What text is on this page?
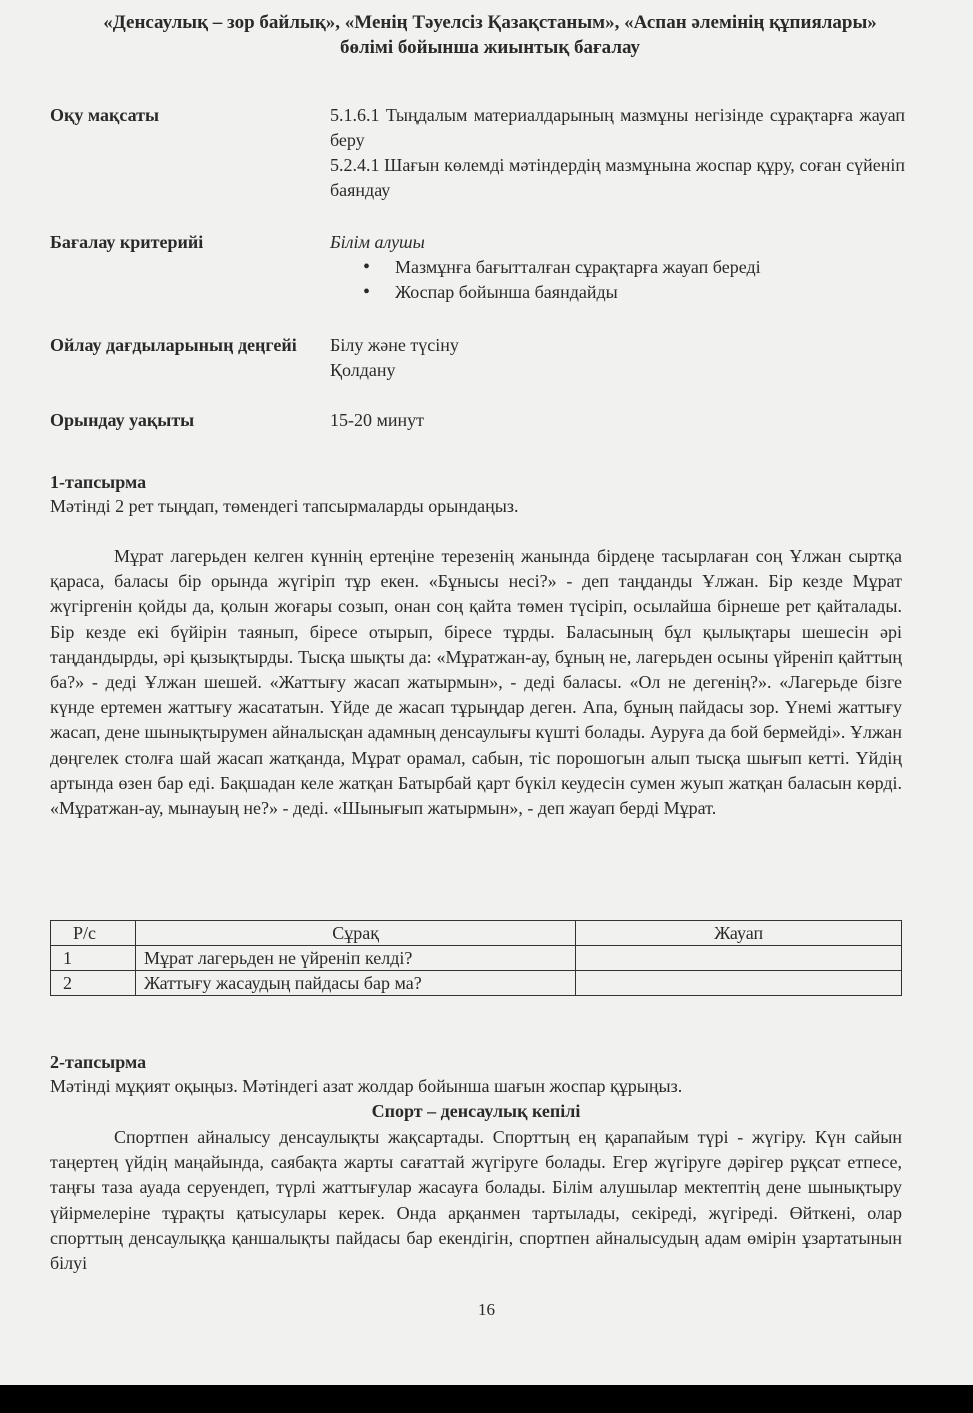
«Денсаулық – зор байлық», «Менің Тәуелсіз Қазақстаным», «Аспан әлемінің құпиялары» бөлімі бойынша жиынтық бағалау
Оқу мақсаты	5.1.6.1 Тыңдалым материалдарының мазмұны негізінде сұрақтарға жауап беру
5.2.4.1 Шағын көлемді мәтіндердің мазмұнына жоспар құру, соған сүйеніп баяндау
Бағалау критерийі	Білім алушы
• Мазмұнға бағытталған сұрақтарға жауап береді
• Жоспар бойынша баяндайды
Ойлау дағдыларының деңгейі	Білу және түсіну
Қолдану
Орындау уақыты	15-20 минут
1-тапсырма
Мәтінді 2 рет тыңдап, төмендегі тапсырмаларды орындаңыз.

Мұрат лагерьден келген күннің ертеңіне терезенің жанында бірдеңе тасырлаған соң Ұлжан сыртқа қараса, баласы бір орында жүгіріп тұр екен. «Бұнысы несі?» - деп таңданды Ұлжан. Бір кезде Мұрат жүгіргенін қойды да, қолын жоғары созып, онан соң қайта төмен түсіріп, осылайша бірнеше рет қайталады. Бір кезде екі бүйірін таянып, біресе отырып, біресе тұрды. Баласының бұл қылықтары шешесін әрі таңдандырды, әрі қызықтырды. Тысқа шықты да: «Мұратжан-ау, бұның не, лагерьден осыны үйреніп қайттың ба?» - деді Ұлжан шешей. «Жаттығу жасап жатырмын», - деді баласы. «Ол не дегенің?». «Лагерьде бізге күнде ертемен жаттығу жасататын. Үйде де жасап тұрыңдар деген. Апа, бұның пайдасы зор. Үнемі жаттығу жасап, дене шынықтырумен айналысқан адамның денсаулығы күшті болады. Ауруға да бой бермейді». Ұлжан дөңгелек столға шай жасап жатқанда, Мұрат орамал, сабын, тіс порошогын алып тысқа шығып кетті. Үйдің артында өзен бар еді. Бақшадан келе жатқан Батырбай қарт бүкіл кеудесін сумен жуып жатқан баласын көрді. «Мұратжан-ау, мынауың не?» - деді. «Шынығып жатырмын», - деп жауап берді Мұрат.

Р/с	Сұрақ	Жауап
1	Мұрат лагерьден не үйреніп келді?	
2	Жаттығу жасаудың пайдасы бар ма?	
2-тапсырма
Мәтінді мұқият оқыңыз. Мәтіндегі азат жолдар бойынша шағын жоспар құрыңыз.
Спорт – денсаулық кепілі

Спортпен айналысу денсаулықты жақсартады. Спорттың ең қарапайым түрі - жүгіру. Күн сайын таңертең үйдің маңайында, саябақта жарты сағаттай жүгіруге болады. Егер жүгіруге дәрігер рұқсат етпесе, таңғы таза ауада серуендеп, түрлі жаттығулар жасауға болады. Білім алушылар мектептің дене шынықтыру үйірмелеріне тұрақты қатысулары керек. Онда арқанмен тартылады, секіреді, жүгіреді. Өйткені, олар спорттың денсаулыққа қаншалықты пайдасы бар екендігін, спортпен айналысудың адам өмірін ұзартатынын білуі

16
